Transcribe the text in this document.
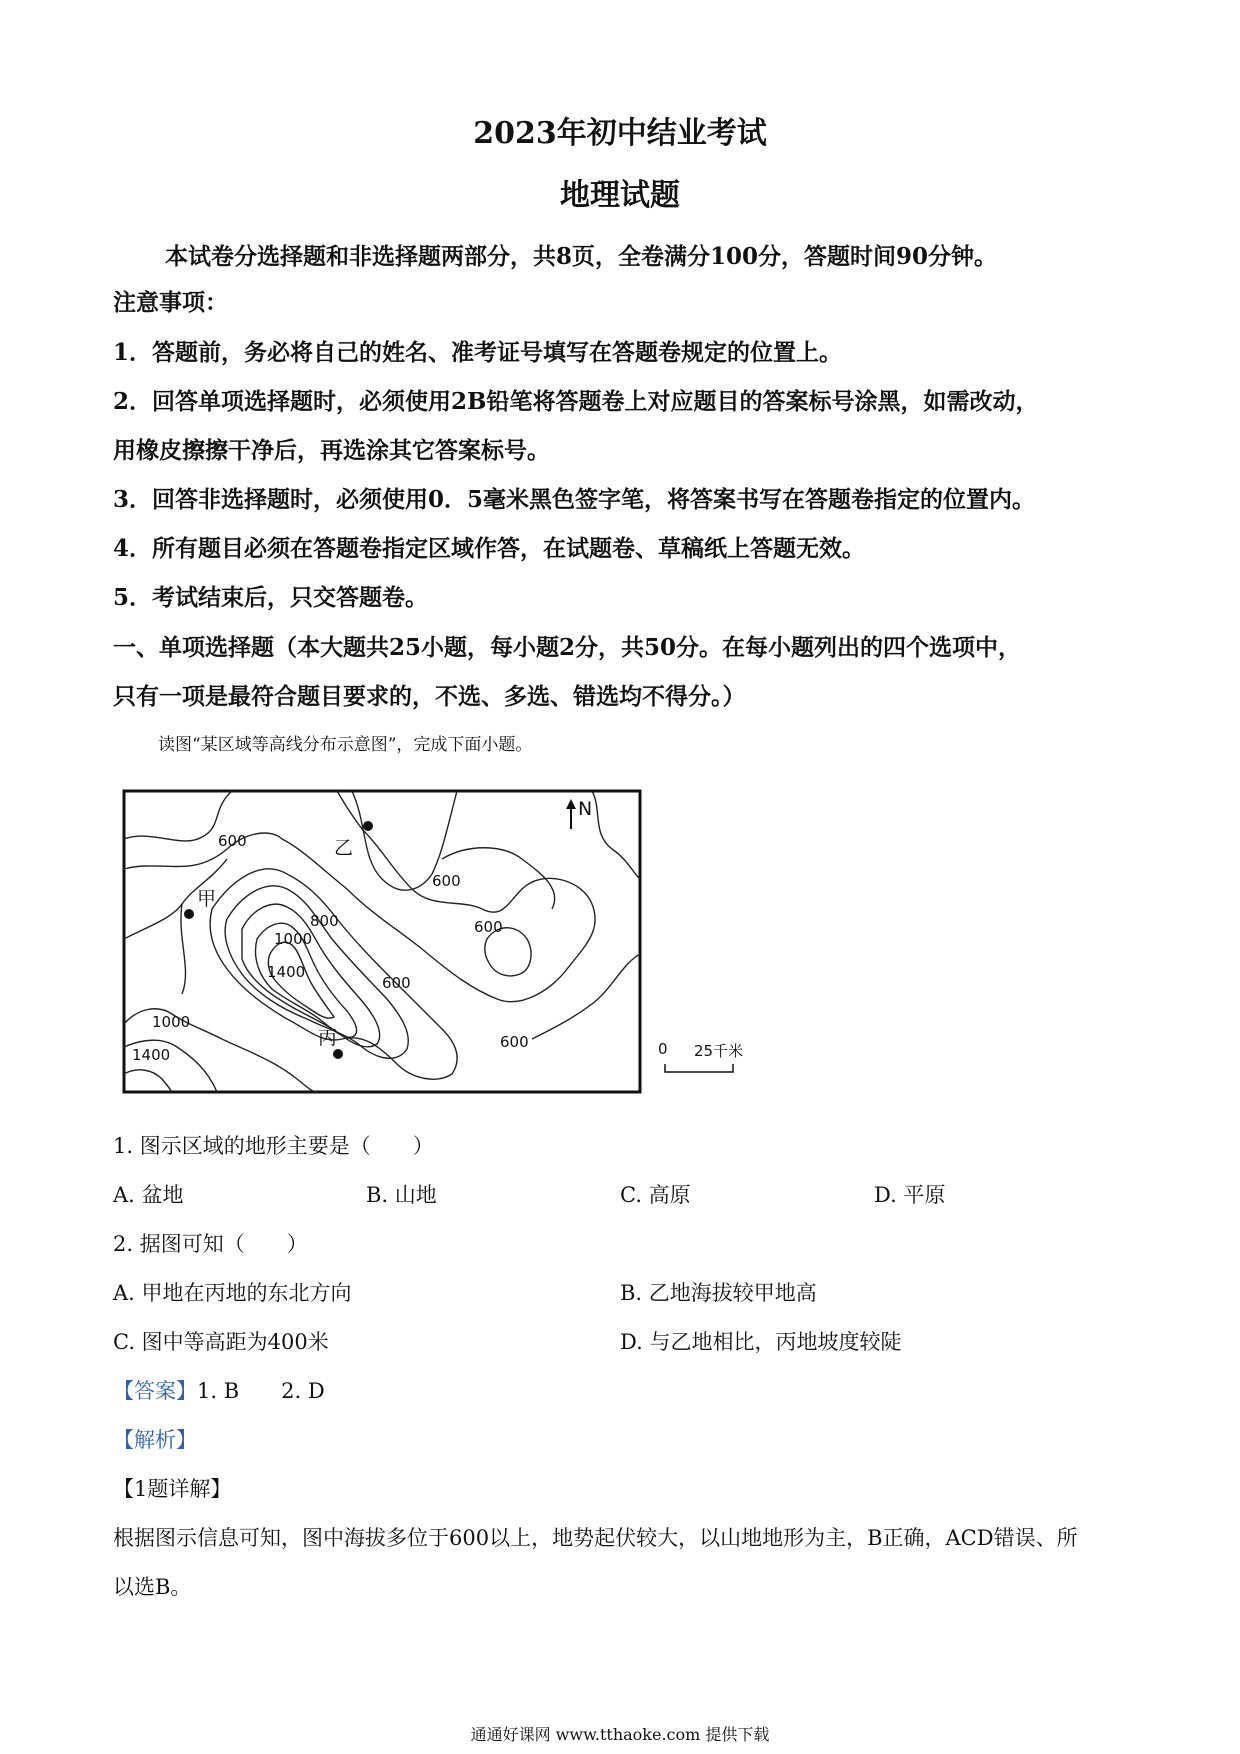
2023年初中结业考试
地理试题
本试卷分选择题和非选择题两部分，共8页，全卷满分100分，答题时间90分钟。
注意事项：
1．答题前，务必将自己的姓名、准考证号填写在答题卷规定的位置上。
2．回答单项选择题时，必须使用2B铅笔将答题卷上对应题目的答案标号涂黑，如需改动，
用橡皮擦擦干净后，再选涂其它答案标号。
3．回答非选择题时，必须使用0．5毫米黑色签字笔，将答案书写在答题卷指定的位置内。
4．所有题目必须在答题卷指定区域作答，在试题卷、草稿纸上答题无效。
5．考试结束后，只交答题卷。
一、单项选择题（本大题共25小题，每小题2分，共50分。在每小题列出的四个选项中，
只有一项是最符合题目要求的，不选、多选、错选均不得分。）
读图“某区域等高线分布示意图”，完成下面小题。
600
600
600
600
600
800
1000
1400
1000
1400
甲
乙
丙
N
0 25千米
1. 图示区域的地形主要是（　　）
A. 盆地	B. 山地	C. 高原	D. 平原
2. 据图可知（　　）
A. 甲地在丙地的东北方向	B. 乙地海拔较甲地高
C. 图中等高距为400米	D. 与乙地相比，丙地坡度较陡
【答案】1. B　　2. D
【解析】
【1题详解】
根据图示信息可知，图中海拔多位于600以上，地势起伏较大，以山地地形为主，B正确，ACD错误、所
以选B。
通通好课网 www.tthaoke.com 提供下载
